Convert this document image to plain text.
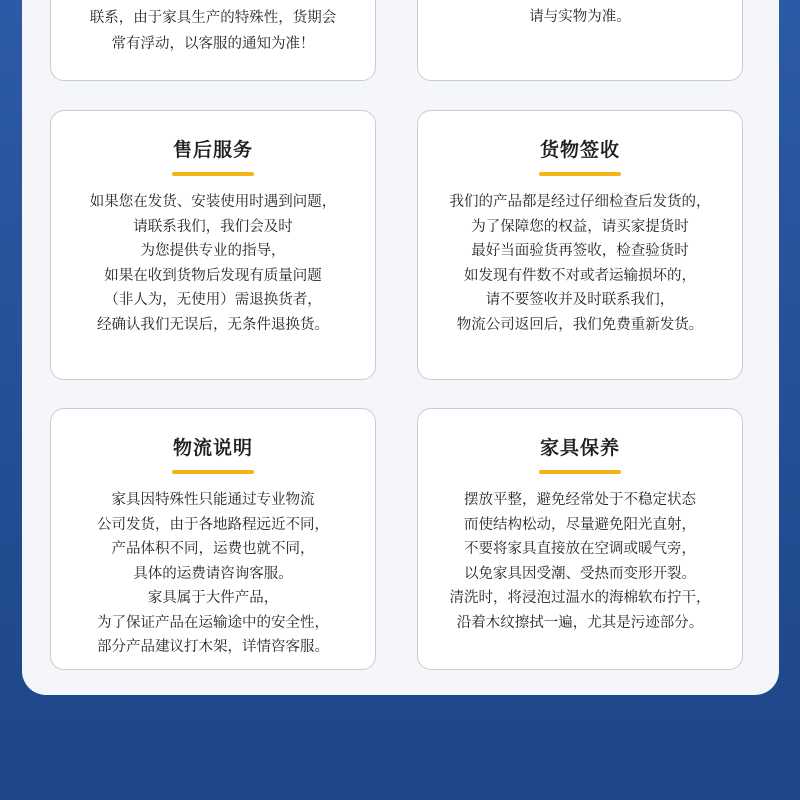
联系，由于家具生产的特殊性，货期会
常有浮动，以客服的通知为准！
请与实物为准。
售后服务
如果您在发货、安装使用时遇到问题，
请联系我们，我们会及时
为您提供专业的指导，
如果在收到货物后发现有质量问题
（非人为，无使用）需退换货者，
经确认我们无误后，无条件退换货。
货物签收
我们的产品都是经过仔细检查后发货的，
为了保障您的权益，请买家提货时
最好当面验货再签收，检查验货时
如发现有件数不对或者运输损坏的，
请不要签收并及时联系我们，
物流公司返回后，我们免费重新发货。
物流说明
家具因特殊性只能通过专业物流
公司发货，由于各地路程远近不同，
产品体积不同，运费也就不同，
具体的运费请咨询客服。
家具属于大件产品，
为了保证产品在运输途中的安全性，
部分产品建议打木架，详情咨客服。
家具保养
摆放平整，避免经常处于不稳定状态
而使结构松动，尽量避免阳光直射，
不要将家具直接放在空调或暖气旁，
以免家具因受潮、受热而变形开裂。
清洗时，将浸泡过温水的海棉软布拧干，
沿着木纹擦拭一遍，尤其是污迹部分。
